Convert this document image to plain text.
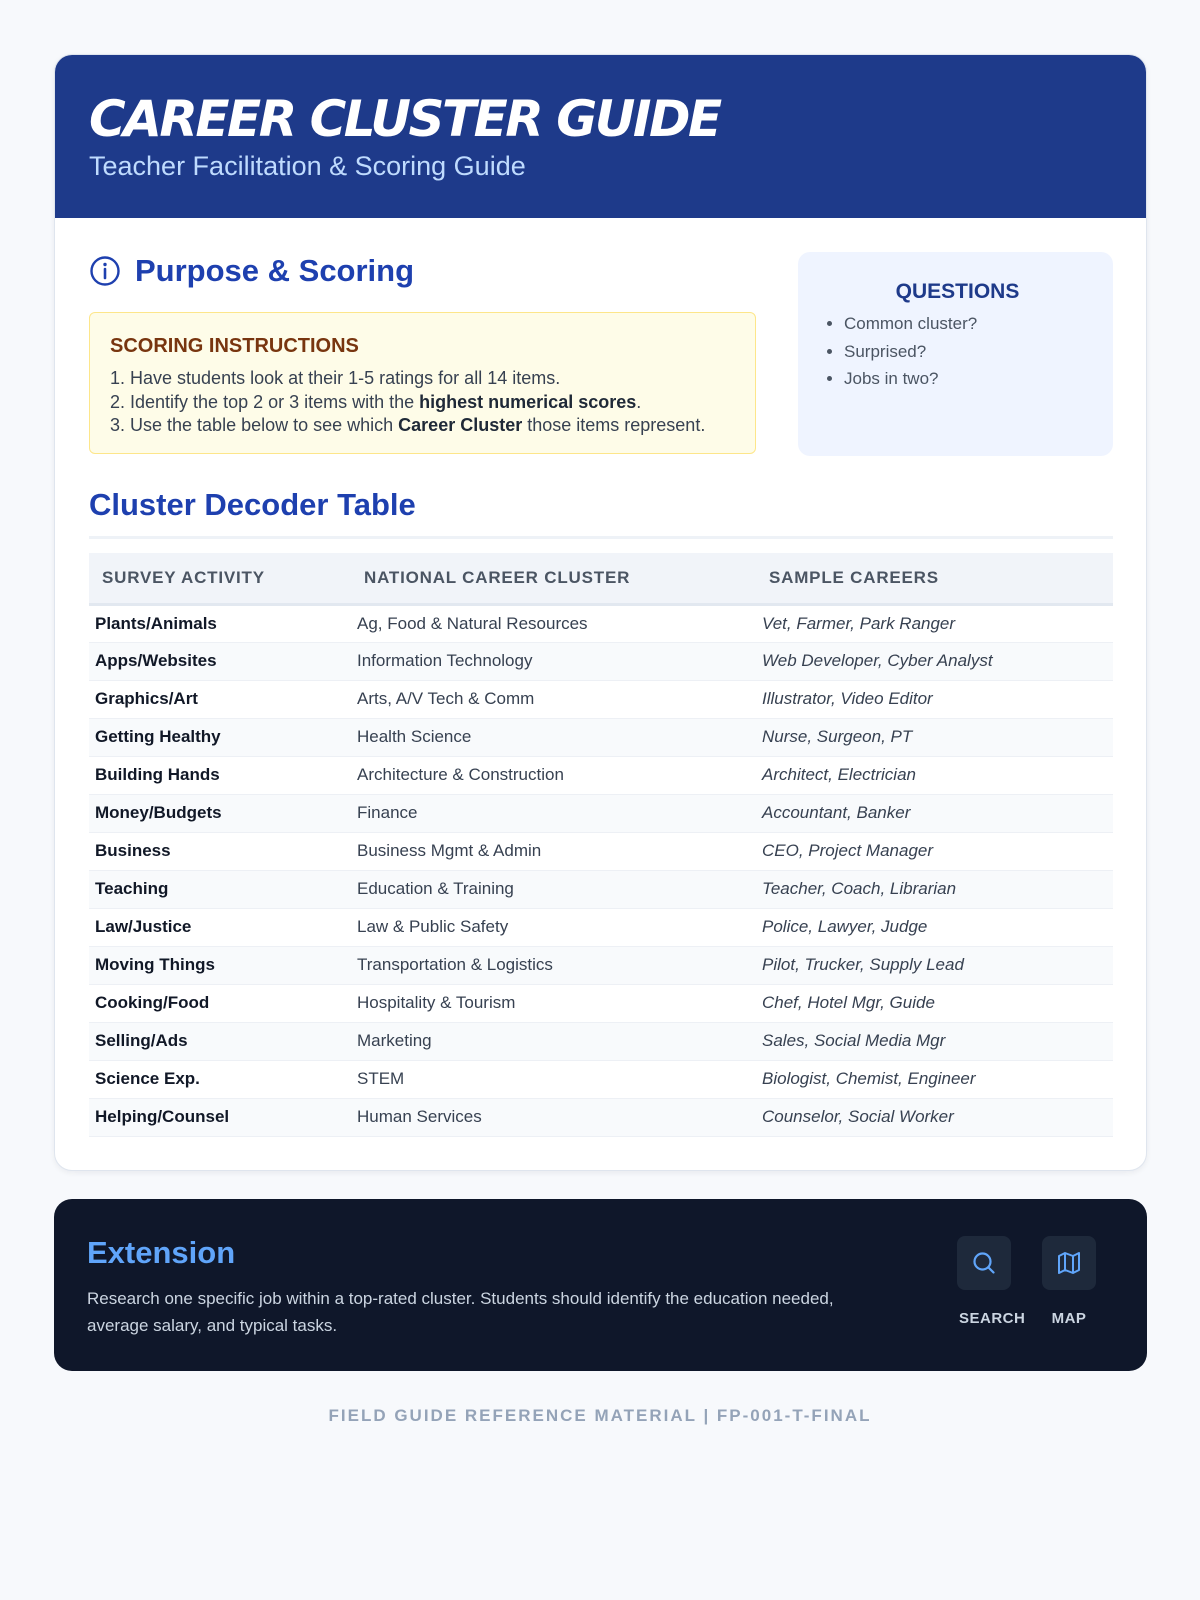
CAREER CLUSTER GUIDE
Teacher Facilitation & Scoring Guide
Purpose & Scoring
SCORING INSTRUCTIONS
1. Have students look at their 1-5 ratings for all 14 items.
2. Identify the top 2 or 3 items with the highest numerical scores.
3. Use the table below to see which Career Cluster those items represent.
QUESTIONS
• Common cluster?
• Surprised?
• Jobs in two?
Cluster Decoder Table
SURVEY ACTIVITY	NATIONAL CAREER CLUSTER	SAMPLE CAREERS
Plants/Animals	Ag, Food & Natural Resources	Vet, Farmer, Park Ranger
Apps/Websites	Information Technology	Web Developer, Cyber Analyst
Graphics/Art	Arts, A/V Tech & Comm	Illustrator, Video Editor
Getting Healthy	Health Science	Nurse, Surgeon, PT
Building Hands	Architecture & Construction	Architect, Electrician
Money/Budgets	Finance	Accountant, Banker
Business	Business Mgmt & Admin	CEO, Project Manager
Teaching	Education & Training	Teacher, Coach, Librarian
Law/Justice	Law & Public Safety	Police, Lawyer, Judge
Moving Things	Transportation & Logistics	Pilot, Trucker, Supply Lead
Cooking/Food	Hospitality & Tourism	Chef, Hotel Mgr, Guide
Selling/Ads	Marketing	Sales, Social Media Mgr
Science Exp.	STEM	Biologist, Chemist, Engineer
Helping/Counsel	Human Services	Counselor, Social Worker
Extension

Research one specific job within a top-rated cluster. Students should identify the education needed, average salary, and typical tasks.	SEARCH	MAP
FIELD GUIDE REFERENCE MATERIAL | FP-001-T-FINAL
